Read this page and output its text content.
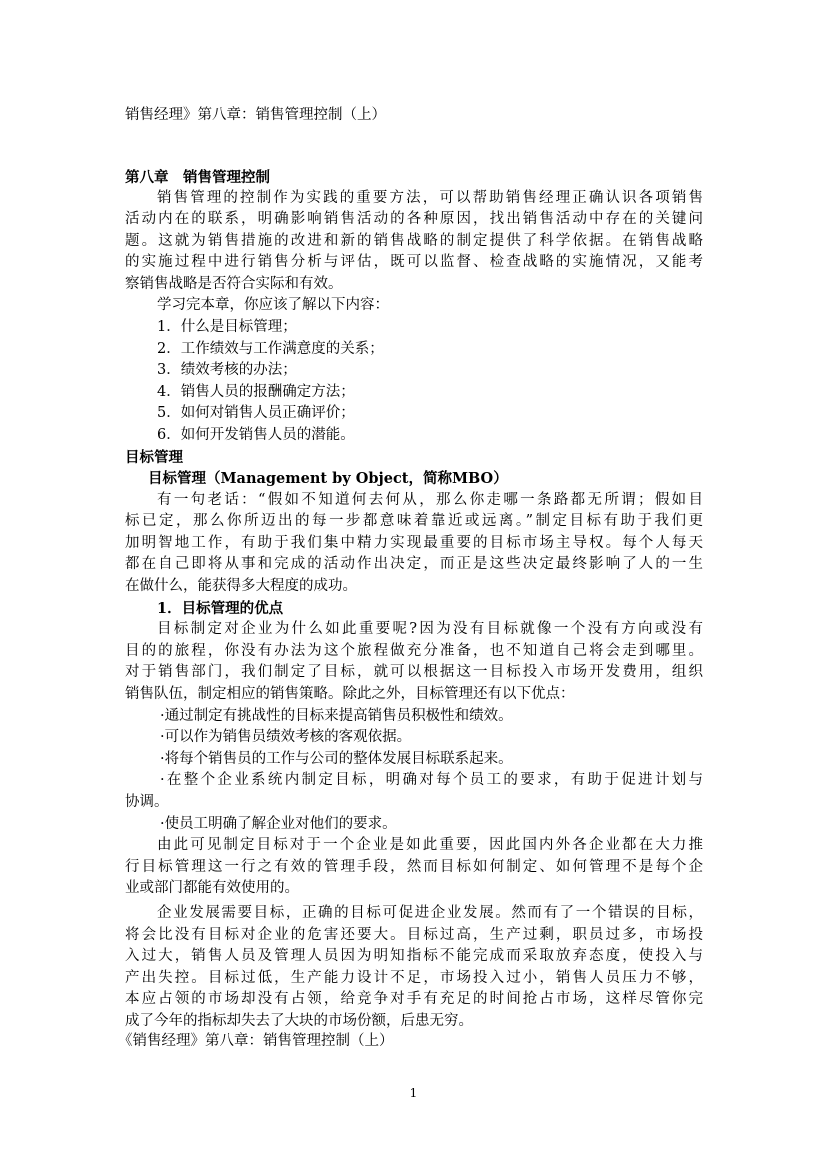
销售经理》第八章：销售管理控制（上）
第八章　销售管理控制
销售管理的控制作为实践的重要方法，可以帮助销售经理正确认识各项销售
活动内在的联系，明确影响销售活动的各种原因，找出销售活动中存在的关键问
题。这就为销售措施的改进和新的销售战略的制定提供了科学依据。在销售战略
的实施过程中进行销售分析与评估，既可以监督、检查战略的实施情况，又能考
察销售战略是否符合实际和有效。
学习完本章，你应该了解以下内容：
1．什么是目标管理；
2．工作绩效与工作满意度的关系；
3．绩效考核的办法；
4．销售人员的报酬确定方法；
5．如何对销售人员正确评价；
6．如何开发销售人员的潜能。
目标管理
目标管理（Management by Object，简称MBO）
有一句老话：“假如不知道何去何从，那么你走哪一条路都无所谓；假如目
标已定，那么你所迈出的每一步都意味着靠近或远离。”制定目标有助于我们更
加明智地工作，有助于我们集中精力实现最重要的目标市场主导权。每个人每天
都在自己即将从事和完成的活动作出决定，而正是这些决定最终影响了人的一生
在做什么，能获得多大程度的成功。
1．目标管理的优点
目标制定对企业为什么如此重要呢?因为没有目标就像一个没有方向或没有
目的的旅程，你没有办法为这个旅程做充分准备，也不知道自己将会走到哪里。
对于销售部门，我们制定了目标，就可以根据这一目标投入市场开发费用，组织
销售队伍，制定相应的销售策略。除此之外，目标管理还有以下优点：
·通过制定有挑战性的目标来提高销售员积极性和绩效。
·可以作为销售员绩效考核的客观依据。
·将每个销售员的工作与公司的整体发展目标联系起来。
·在整个企业系统内制定目标，明确对每个员工的要求，有助于促进计划与
协调。
·使员工明确了解企业对他们的要求。
由此可见制定目标对于一个企业是如此重要，因此国内外各企业都在大力推
行目标管理这一行之有效的管理手段，然而目标如何制定、如何管理不是每个企
业或部门都能有效使用的。
企业发展需要目标，正确的目标可促进企业发展。然而有了一个错误的目标，
将会比没有目标对企业的危害还要大。目标过高，生产过剩，职员过多，市场投
入过大，销售人员及管理人员因为明知指标不能完成而采取放弃态度，使投入与
产出失控。目标过低，生产能力设计不足，市场投入过小，销售人员压力不够，
本应占领的市场却没有占领，给竞争对手有充足的时间抢占市场，这样尽管你完
成了今年的指标却失去了大块的市场份额，后患无穷。
《销售经理》第八章：销售管理控制（上）
1
